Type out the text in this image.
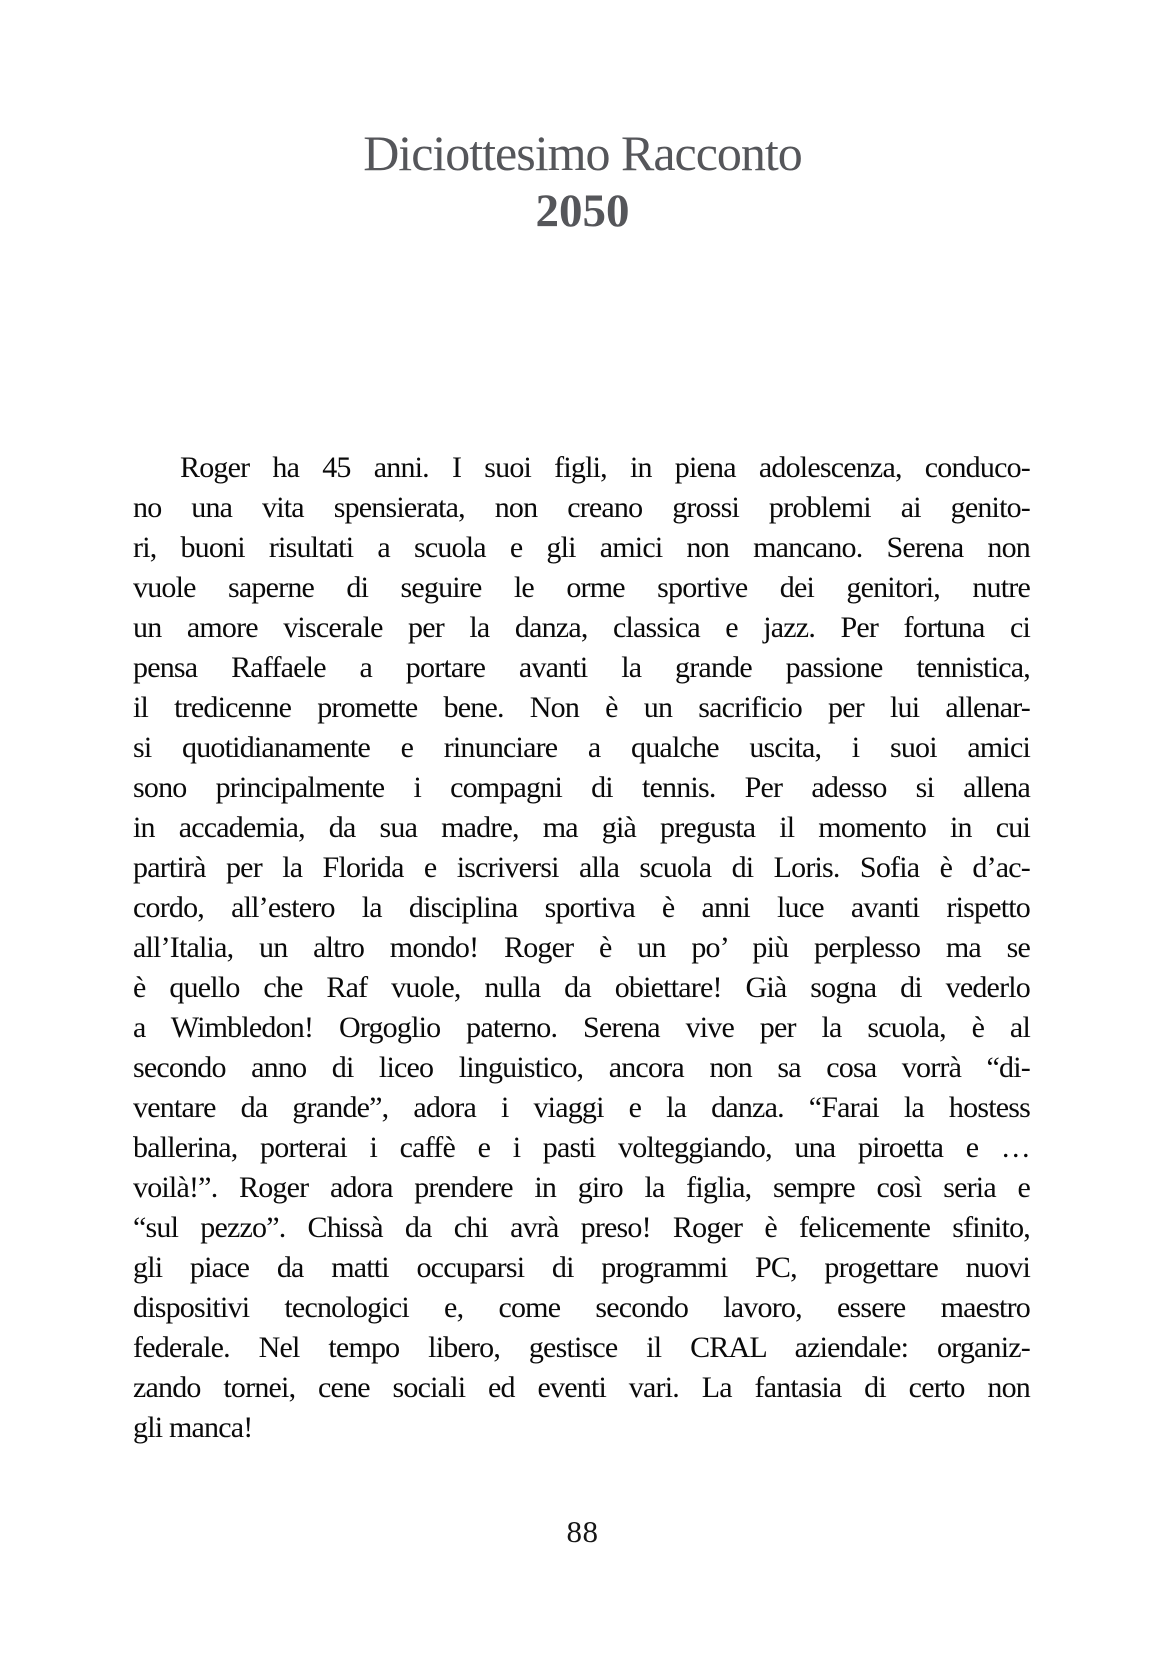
Diciottesimo Racconto
2050
Roger ha 45 anni. I suoi figli, in piena adolescenza, conduco-
no una vita spensierata, non creano grossi problemi ai genito-
ri, buoni risultati a scuola e gli amici non mancano. Serena non
vuole saperne di seguire le orme sportive dei genitori, nutre
un amore viscerale per la danza, classica e jazz. Per fortuna ci
pensa Raffaele a portare avanti la grande passione tennistica,
il tredicenne promette bene. Non è un sacrificio per lui allenar-
si quotidianamente e rinunciare a qualche uscita, i suoi amici
sono principalmente i compagni di tennis. Per adesso si allena
in accademia, da sua madre, ma già pregusta il momento in cui
partirà per la Florida e iscriversi alla scuola di Loris. Sofia è d’ac-
cordo, all’estero la disciplina sportiva è anni luce avanti rispetto
all’Italia, un altro mondo! Roger è un po’ più perplesso ma se
è quello che Raf vuole, nulla da obiettare! Già sogna di vederlo
a Wimbledon! Orgoglio paterno. Serena vive per la scuola, è al
secondo anno di liceo linguistico, ancora non sa cosa vorrà “di-
ventare da grande”, adora i viaggi e la danza. “Farai la hostess
ballerina, porterai i caffè e i pasti volteggiando, una piroetta e …
voilà!”. Roger adora prendere in giro la figlia, sempre così seria e
“sul pezzo”. Chissà da chi avrà preso! Roger è felicemente sfinito,
gli piace da matti occuparsi di programmi PC, progettare nuovi
dispositivi tecnologici e, come secondo lavoro, essere maestro
federale. Nel tempo libero, gestisce il CRAL aziendale: organiz-
zando tornei, cene sociali ed eventi vari. La fantasia di certo non
gli manca!
88
